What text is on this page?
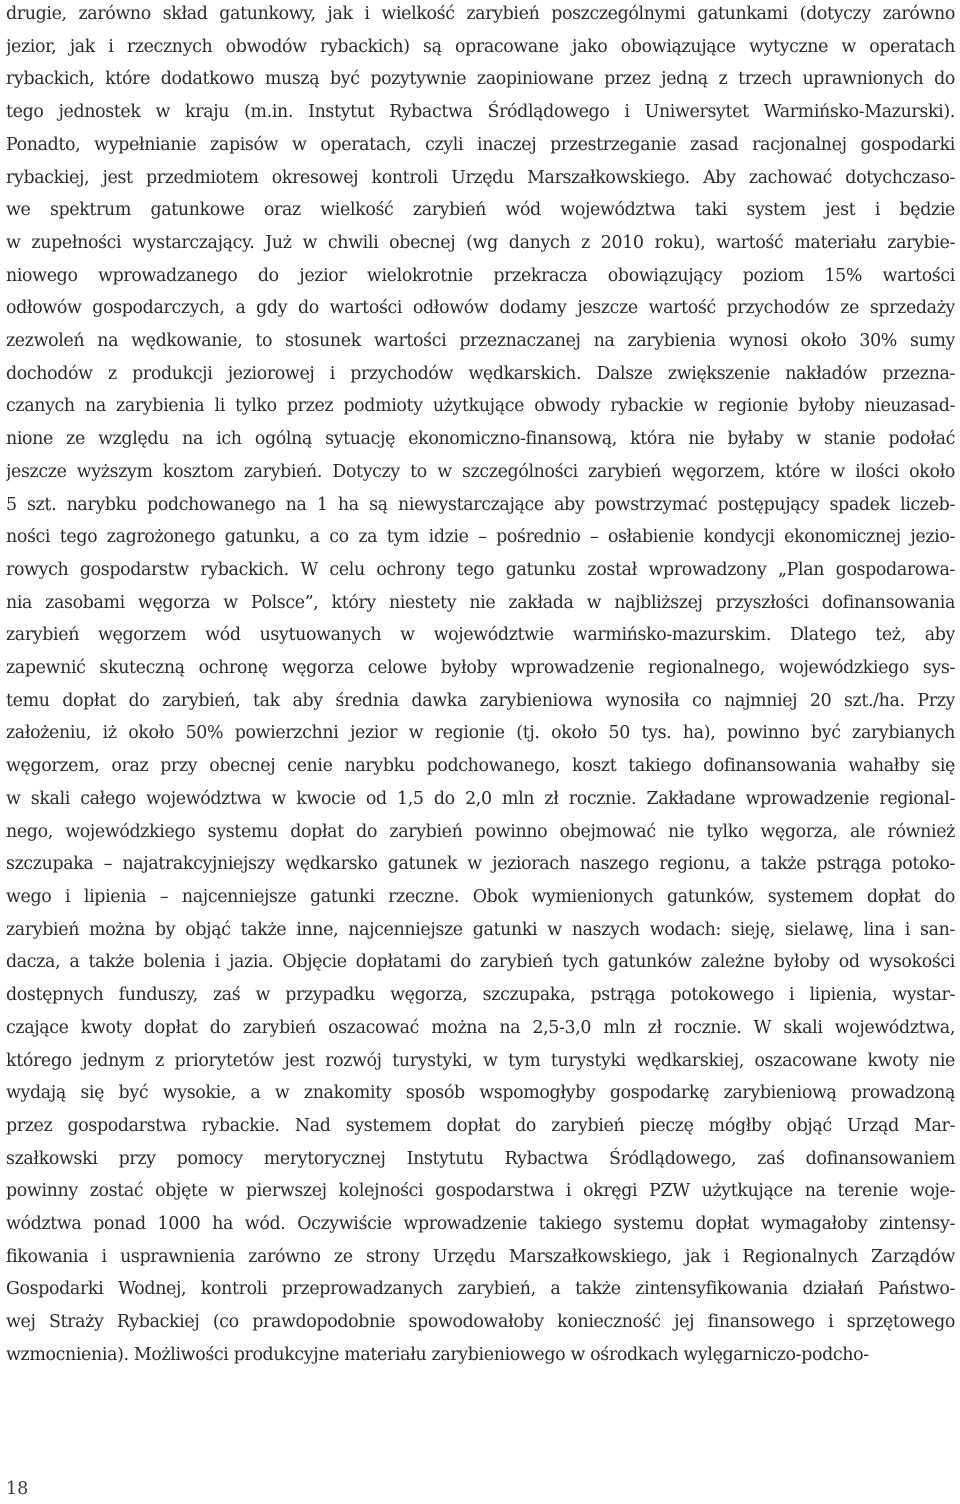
drugie, zarówno skład gatunkowy, jak i wielkość zarybień poszczególnymi gatunkami (dotyczy zarówno
jezior, jak i rzecznych obwodów rybackich) są opracowane jako obowiązujące wytyczne w operatach
rybackich, które dodatkowo muszą być pozytywnie zaopiniowane przez jedną z trzech uprawnionych do
tego jednostek w kraju (m.in. Instytut Rybactwa Śródlądowego i Uniwersytet Warmińsko-Mazurski).
Ponadto, wypełnianie zapisów w operatach, czyli inaczej przestrzeganie zasad racjonalnej gospodarki
rybackiej, jest przedmiotem okresowej kontroli Urzędu Marszałkowskiego. Aby zachować dotychczaso-
we spektrum gatunkowe oraz wielkość zarybień wód województwa taki system jest i będzie
w zupełności wystarczający. Już w chwili obecnej (wg danych z 2010 roku), wartość materiału zarybie-
niowego wprowadzanego do jezior wielokrotnie przekracza obowiązujący poziom 15% wartości
odłowów gospodarczych, a gdy do wartości odłowów dodamy jeszcze wartość przychodów ze sprzedaży
zezwoleń na wędkowanie, to stosunek wartości przeznaczanej na zarybienia wynosi około 30% sumy
dochodów z produkcji jeziorowej i przychodów wędkarskich. Dalsze zwiększenie nakładów przezna-
czanych na zarybienia li tylko przez podmioty użytkujące obwody rybackie w regionie byłoby nieuzasad-
nione ze względu na ich ogólną sytuację ekonomiczno-finansową, która nie byłaby w stanie podołać
jeszcze wyższym kosztom zarybień. Dotyczy to w szczególności zarybień węgorzem, które w ilości około
5 szt. narybku podchowanego na 1 ha są niewystarczające aby powstrzymać postępujący spadek liczeb-
ności tego zagrożonego gatunku, a co za tym idzie – pośrednio – osłabienie kondycji ekonomicznej jezio-
rowych gospodarstw rybackich. W celu ochrony tego gatunku został wprowadzony „Plan gospodarowa-
nia zasobami węgorza w Polsce”, który niestety nie zakłada w najbliższej przyszłości dofinansowania
zarybień węgorzem wód usytuowanych w województwie warmińsko-mazurskim. Dlatego też, aby
zapewnić skuteczną ochronę węgorza celowe byłoby wprowadzenie regionalnego, wojewódzkiego sys-
temu dopłat do zarybień, tak aby średnia dawka zarybieniowa wynosiła co najmniej 20 szt./ha. Przy
założeniu, iż około 50% powierzchni jezior w regionie (tj. około 50 tys. ha), powinno być zarybianych
węgorzem, oraz przy obecnej cenie narybku podchowanego, koszt takiego dofinansowania wahałby się
w skali całego województwa w kwocie od 1,5 do 2,0 mln zł rocznie. Zakładane wprowadzenie regional-
nego, wojewódzkiego systemu dopłat do zarybień powinno obejmować nie tylko węgorza, ale również
szczupaka – najatrakcyjniejszy wędkarsko gatunek w jeziorach naszego regionu, a także pstrąga potoko-
wego i lipienia – najcenniejsze gatunki rzeczne. Obok wymienionych gatunków, systemem dopłat do
zarybień można by objąć także inne, najcenniejsze gatunki w naszych wodach: sieję, sielawę, lina i san-
dacza, a także bolenia i jazia. Objęcie dopłatami do zarybień tych gatunków zależne byłoby od wysokości
dostępnych funduszy, zaś w przypadku węgorza, szczupaka, pstrąga potokowego i lipienia, wystar-
czające kwoty dopłat do zarybień oszacować można na 2,5-3,0 mln zł rocznie. W skali województwa,
którego jednym z priorytetów jest rozwój turystyki, w tym turystyki wędkarskiej, oszacowane kwoty nie
wydają się być wysokie, a w znakomity sposób wspomogłyby gospodarkę zarybieniową prowadzoną
przez gospodarstwa rybackie. Nad systemem dopłat do zarybień pieczę mógłby objąć Urząd Mar-
szałkowski przy pomocy merytorycznej Instytutu Rybactwa Śródlądowego, zaś dofinansowaniem
powinny zostać objęte w pierwszej kolejności gospodarstwa i okręgi PZW użytkujące na terenie woje-
wództwa ponad 1000 ha wód. Oczywiście wprowadzenie takiego systemu dopłat wymagałoby zintensy-
fikowania i usprawnienia zarówno ze strony Urzędu Marszałkowskiego, jak i Regionalnych Zarządów
Gospodarki Wodnej, kontroli przeprowadzanych zarybień, a także zintensyfikowania działań Państwo-
wej Straży Rybackiej (co prawdopodobnie spowodowałoby konieczność jej finansowego i sprzętowego
wzmocnienia). Możliwości produkcyjne materiału zarybieniowego w ośrodkach wylęgarniczo-podcho-
18
